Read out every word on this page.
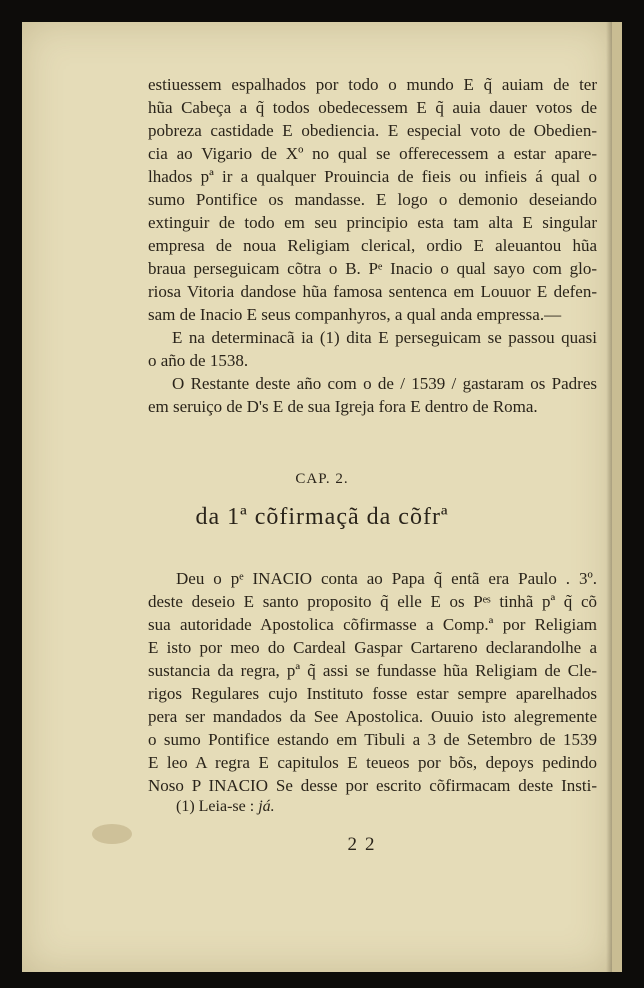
estiuessem espalhados por todo o mundo E q̃ auiam de ter
hũa Cabeça a q̃ todos obedecessem E q̃ auia dauer votos de
pobreza castidade E obediencia. E especial voto de Obedien-
cia ao Vigario de Xº no qual se offerecessem a estar apare-
lhados pª ir a qualquer Prouincia de fieis ou infieis á qual o
sumo Pontifice os mandasse. E logo o demonio deseiando
extinguir de todo em seu principio esta tam alta E singular
empresa de noua Religiam clerical, ordio E aleuantou hũa
braua perseguicam cõtra o B. Pᵉ Inacio o qual sayo com glo-
riosa Vitoria dandose hũa famosa sentenca em Louuor E defen-
sam de Inacio E seus companhyros, a qual anda empressa.—
E na determinacã ia (1) dita E perseguicam se passou quasi
o año de 1538.
O Restante deste año com o de / 1539 / gastaram os Padres
em seruiço de D's E de sua Igreja fora E dentro de Roma.
CAP. 2.
da 1ª cõfirmaçã da cõfrª
Deu o pᵉ INACIO conta ao Papa q̃ entã era Paulo . 3º.
deste deseio E santo proposito q̃ elle E os Pᵉˢ tinhã pª q̃ cõ
sua autoridade Apostolica cõfirmasse a Comp.ª por Religiam
E isto por meo do Cardeal Gaspar Cartareno declarandolhe a
sustancia da regra, pª q̃ assi se fundasse hũa Religiam de Cle-
rigos Regulares cujo Instituto fosse estar sempre aparelhados
pera ser mandados da See Apostolica. Ouuio isto alegremente
o sumo Pontifice estando em Tibuli a 3 de Setembro de 1539
E leo A regra E capitulos E teueos por bõs, depoys pedindo
Noso P INACIO Se desse por escrito cõfirmacam deste Insti-
(1) Leia-se : já.
22
